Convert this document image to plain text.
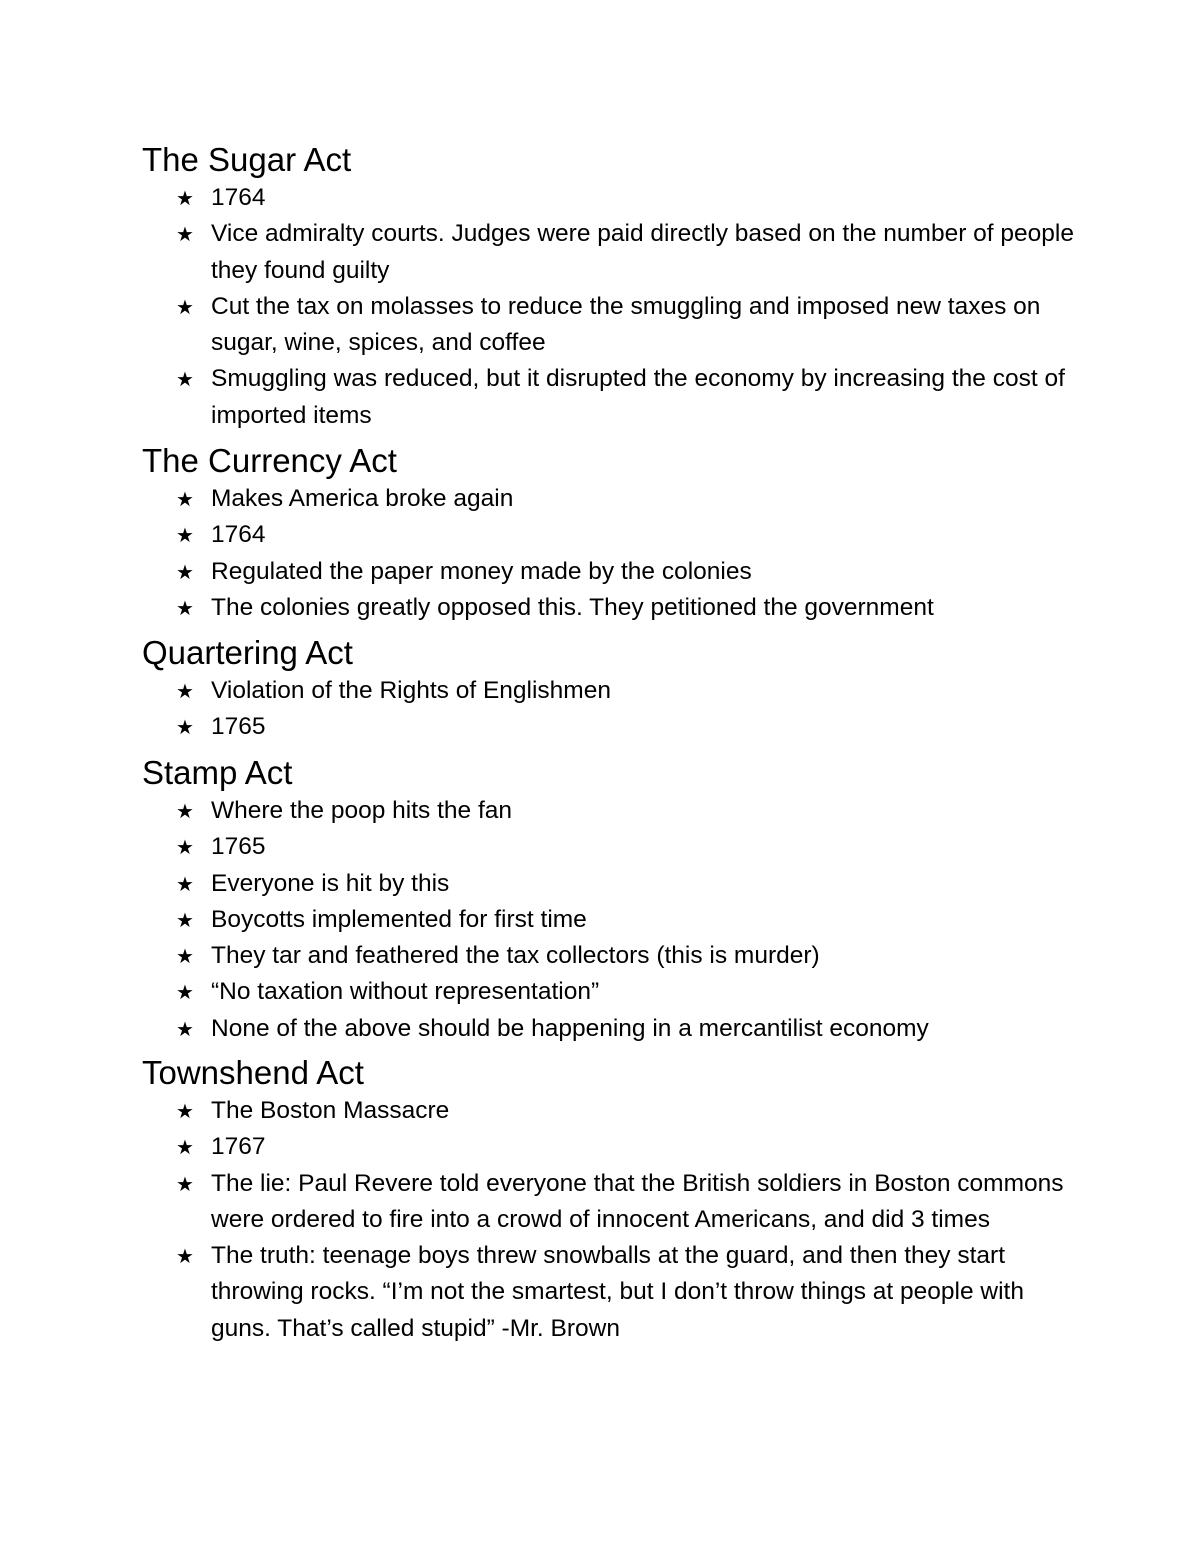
The Sugar Act
★ 1764
★ Vice admiralty courts. Judges were paid directly based on the number of people they found guilty
★ Cut the tax on molasses to reduce the smuggling and imposed new taxes on sugar, wine, spices, and coffee
★ Smuggling was reduced, but it disrupted the economy by increasing the cost of imported items
The Currency Act
★ Makes America broke again
★ 1764
★ Regulated the paper money made by the colonies
★ The colonies greatly opposed this. They petitioned the government
Quartering Act
★ Violation of the Rights of Englishmen
★ 1765
Stamp Act
★ Where the poop hits the fan
★ 1765
★ Everyone is hit by this
★ Boycotts implemented for first time
★ They tar and feathered the tax collectors (this is murder)
★ “No taxation without representation”
★ None of the above should be happening in a mercantilist economy
Townshend Act
★ The Boston Massacre
★ 1767
★ The lie: Paul Revere told everyone that the British soldiers in Boston commons were ordered to fire into a crowd of innocent Americans, and did 3 times
★ The truth: teenage boys threw snowballs at the guard, and then they start throwing rocks. “I’m not the smartest, but I don’t throw things at people with guns. That’s called stupid” -Mr. Brown
